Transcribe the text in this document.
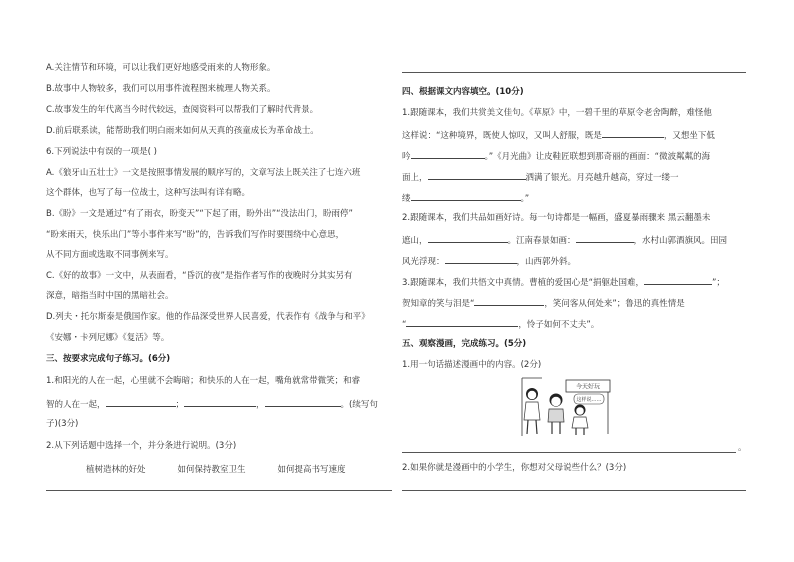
A.关注情节和环境，可以让我们更好地感受雨来的人物形象。
B.故事中人物较多，我们可以用事件流程图来梳理人物关系。
C.故事发生的年代离当今时代较远，查阅资料可以帮我们了解时代背景。
D.前后联系读，能帮助我们明白雨来如何从天真的孩童成长为革命战士。
6.下列说法中有误的一项是( )
A.《狼牙山五壮士》一文是按照事情发展的顺序写的，文章写法上既关注了七连六班
这个群体，也写了每一位战士，这种写法叫有详有略。
B.《盼》一文是通过“有了雨衣，盼变天”“下起了雨，盼外出”“没法出门，盼雨停”
“盼来雨天，快乐出门”等小事件来写“盼”的，告诉我们写作时要围绕中心意思，
从不同方面或选取不同事例来写。
C.《好的故事》一文中，从表面看，“昏沉的夜”是指作者写作的夜晚时分其实另有
深意，暗指当时中国的黑暗社会。
D.列夫・托尔斯泰是俄国作家。他的作品深受世界人民喜爱，代表作有《战争与和平》
《安娜・卡列尼娜》《复活》等。
三、按要求完成句子练习。(6分)
1.和阳光的人在一起，心里就不会晦暗；和快乐的人在一起，嘴角就常带微笑；和睿
智的人在一起，	；	，	。(续写句
子)(3分)
2.从下列话题中选择一个，并分条进行说明。(3分)
植树造林的好处	如何保持教室卫生	如何提高书写速度
四、根据课文内容填空。(10分)
1.跟随课本，我们共赏美文佳句。《草原》中，一碧千里的草原令老舍陶醉，难怪他
这样说：“这种境界，既使人惊叹，又叫人舒服，既是	，又想坐下低
吟	。”《月光曲》让皮鞋匠联想到那奇丽的画面：“微波粼粼的海
面上，	洒满了银光。月亮越升越高，穿过一缕一
缕	。”
2.跟随课本，我们共品如画好诗。每一句诗都是一幅画，盛夏暴雨骤来 黑云翻墨未
遮山，	。江南春景如画：	，水村山郭酒旗风。田园
风光浮现：	，山西郭外斜。
3.跟随课本，我们共悟文中真情。曹植的爱国心是“捐躯赴国难，	”；
贺知章的笑与泪是“	，笑问客从何处来”；鲁迅的真性情是
“	，怜子如何不丈夫”。
五、观察漫画，完成练习。(5分)
1.用一句话描述漫画中的内容。(2分)
。
2.如果你就是漫画中的小学生，你想对父母说些什么？(3分)
今天好玩
这样说……
